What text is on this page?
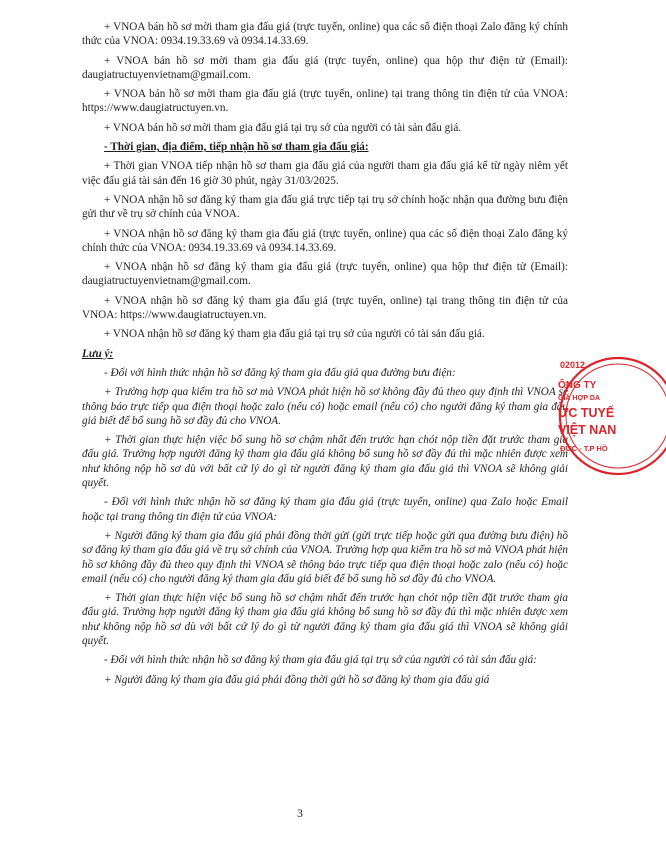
+ VNOA bán hồ sơ mời tham gia đấu giá (trực tuyến, online) qua các số điện thoại Zalo đăng ký chính thức của VNOA: 0934.19.33.69 và 0934.14.33.69.

+ VNOA bán hồ sơ mời tham gia đấu giá (trực tuyến, online) qua hộp thư điện tử (Email): daugiatructuyenvietnam@gmail.com.

+ VNOA bán hồ sơ mời tham gia đấu giá (trực tuyến, online) tại trang thông tin điện tử của VNOA: https://www.daugiatructuyen.vn.

+ VNOA bán hồ sơ mời tham gia đấu giá tại trụ sở của người có tài sản đấu giá.

- Thời gian, địa điểm, tiếp nhận hồ sơ tham gia đấu giá:

+ Thời gian VNOA tiếp nhận hồ sơ tham gia đấu giá của người tham gia đấu giá kể từ ngày niêm yết việc đấu giá tài sản đến 16 giờ 30 phút, ngày 31/03/2025.

+ VNOA nhận hồ sơ đăng ký tham gia đấu giá trực tiếp tại trụ sở chính hoặc nhận qua đường bưu điện gửi thư về trụ sở chính của VNOA.

+ VNOA nhận hồ sơ đăng ký tham gia đấu giá (trực tuyến, online) qua các số điện thoại Zalo đăng ký chính thức của VNOA: 0934.19.33.69 và 0934.14.33.69.

+ VNOA nhận hồ sơ đăng ký tham gia đấu giá (trực tuyến, online) qua hộp thư điện tử (Email): daugiatructuyenvietnam@gmail.com.

+ VNOA nhận hồ sơ đăng ký tham gia đấu giá (trực tuyến, online) tại trang thông tin điện tử của VNOA: https://www.daugiatructuyen.vn.

+ VNOA nhận hồ sơ đăng ký tham gia đấu giá tại trụ sở của người có tài sản đấu giá.

Lưu ý:

- Đối với hình thức nhận hồ sơ đăng ký tham gia đấu giá qua đường bưu điện:

+ Trường hợp qua kiểm tra hồ sơ mà VNOA phát hiện hồ sơ không đầy đủ theo quy định thì VNOA sẽ thông báo trực tiếp qua điện thoại hoặc zalo (nếu có) hoặc email (nếu có) cho người đăng ký tham gia đấu giá biết để bổ sung hồ sơ đầy đủ cho VNOA.

+ Thời gian thực hiện việc bổ sung hồ sơ chậm nhất đến trước hạn chót nộp tiền đặt trước tham gia đấu giá. Trường hợp người đăng ký tham gia đấu giá không bổ sung hồ sơ đầy đủ thì mặc nhiên được xem như không nộp hồ sơ dù với bất cứ lý do gì từ người đăng ký tham gia đấu giá thì VNOA sẽ không giải quyết.

- Đối với hình thức nhận hồ sơ đăng ký tham gia đấu giá (trực tuyến, online) qua Zalo hoặc Email hoặc tại trang thông tin điện tử của VNOA:

+ Người đăng ký tham gia đấu giá phải đồng thời gửi (gửi trực tiếp hoặc gửi qua đường bưu điện) hồ sơ đăng ký tham gia đấu giá về trụ sở chính của VNOA. Trường hợp qua kiểm tra hồ sơ mà VNOA phát hiện hồ sơ không đầy đủ theo quy định thì VNOA sẽ thông báo trực tiếp qua điện thoại hoặc zalo (nếu có) hoặc email (nếu có) cho người đăng ký tham gia đấu giá biết để bổ sung hồ sơ đầy đủ cho VNOA.

+ Thời gian thực hiện việc bổ sung hồ sơ chậm nhất đến trước hạn chót nộp tiền đặt trước tham gia đấu giá. Trường hợp người đăng ký tham gia đấu giá không bổ sung hồ sơ đầy đủ thì mặc nhiên được xem như không nộp hồ sơ dù với bất cứ lý do gì từ người đăng ký tham gia đấu giá thì VNOA sẽ không giải quyết.

- Đối với hình thức nhận hồ sơ đăng ký tham gia đấu giá tại trụ sở của người có tài sản đấu giá:

+ Người đăng ký tham gia đấu giá phải đồng thời gửi hồ sơ đăng ký tham gia đấu giá

3
02012
ÔNG TY
GIÁ HỢP DA
ỨC TUYẾ
VIỆT NAN
ĐỨC - T.P HỒ
